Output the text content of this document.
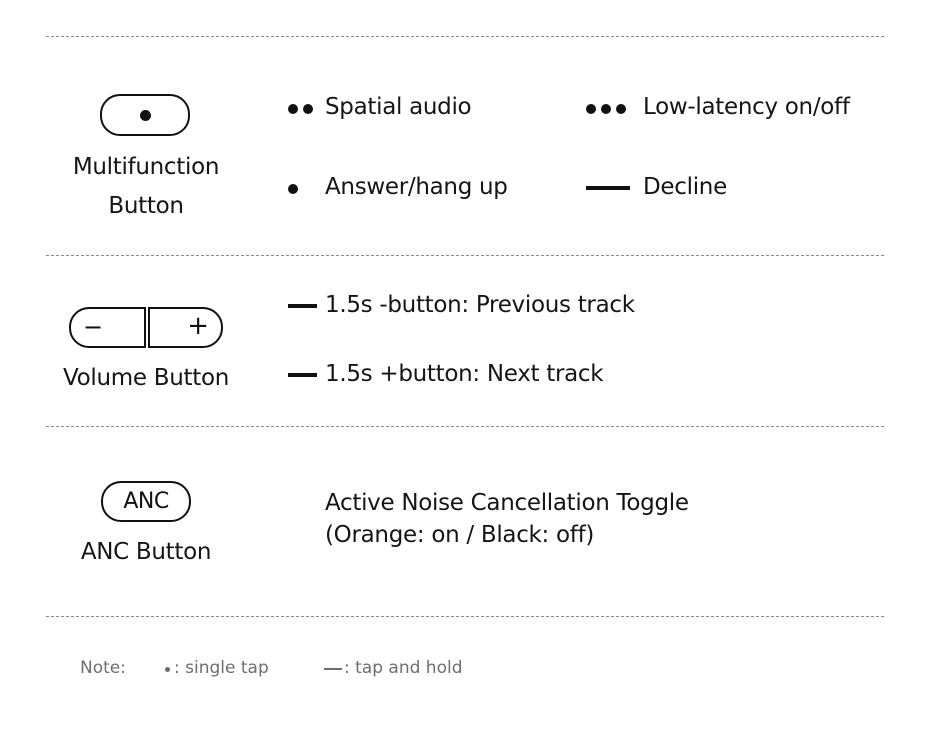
Multifunction
Button
Spatial audio	Low-latency on/off
Answer/hang up	Decline
−	+
Volume Button
1.5s -button: Previous track
1.5s +button: Next track
ANC
ANC Button
Active Noise Cancellation Toggle
(Orange: on / Black: off)
Note:	: single tap	: tap and hold
